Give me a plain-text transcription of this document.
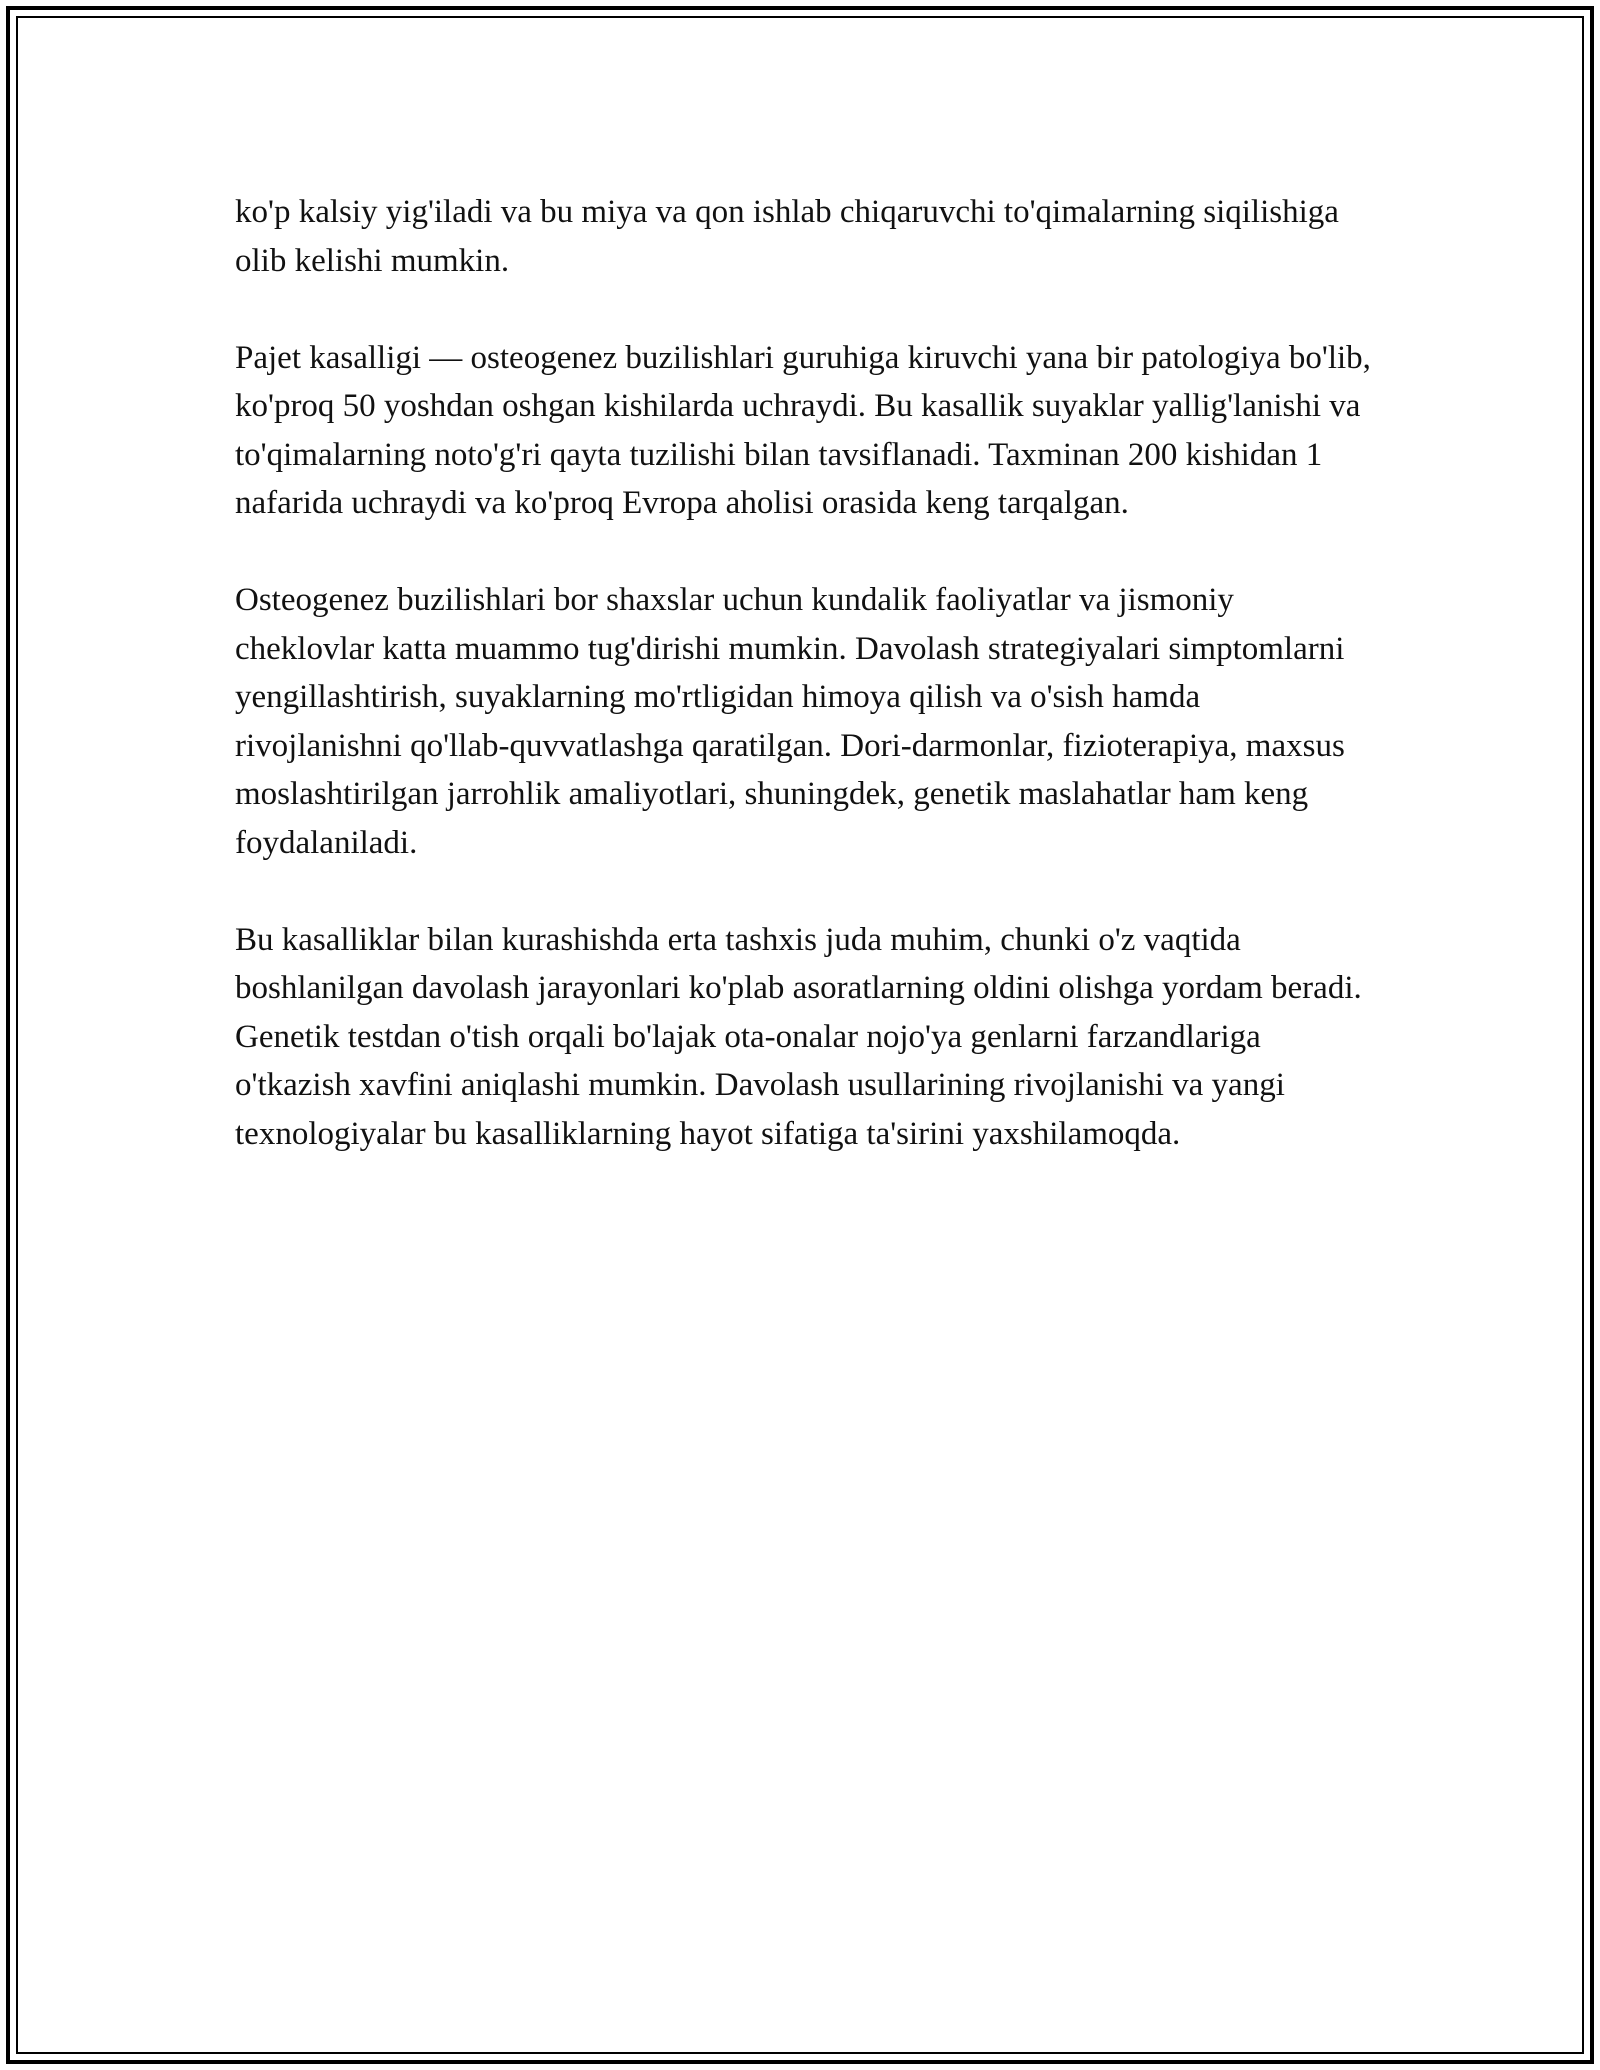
ko'p kalsiy yig'iladi va bu miya va qon ishlab chiqaruvchi to'qimalarning siqilishiga olib kelishi mumkin.

Pajet kasalligi — osteogenez buzilishlari guruhiga kiruvchi yana bir patologiya bo'lib, ko'proq 50 yoshdan oshgan kishilarda uchraydi. Bu kasallik suyaklar yallig'lanishi va to'qimalarning noto'g'ri qayta tuzilishi bilan tavsiflanadi. Taxminan 200 kishidan 1 nafarida uchraydi va ko'proq Evropa aholisi orasida keng tarqalgan.

Osteogenez buzilishlari bor shaxslar uchun kundalik faoliyatlar va jismoniy cheklovlar katta muammo tug'dirishi mumkin. Davolash strategiyalari simptomlarni yengillashtirish, suyaklarning mo'rtligidan himoya qilish va o'sish hamda rivojlanishni qo'llab-quvvatlashga qaratilgan. Dori-darmonlar, fizioterapiya, maxsus moslashtirilgan jarrohlik amaliyotlari, shuningdek, genetik maslahatlar ham keng foydalaniladi.

Bu kasalliklar bilan kurashishda erta tashxis juda muhim, chunki o'z vaqtida boshlanilgan davolash jarayonlari ko'plab asoratlarning oldini olishga yordam beradi. Genetik testdan o'tish orqali bo'lajak ota-onalar nojo'ya genlarni farzandlariga o'tkazish xavfini aniqlashi mumkin. Davolash usullarining rivojlanishi va yangi texnologiyalar bu kasalliklarning hayot sifatiga ta'sirini yaxshilamoqda.
